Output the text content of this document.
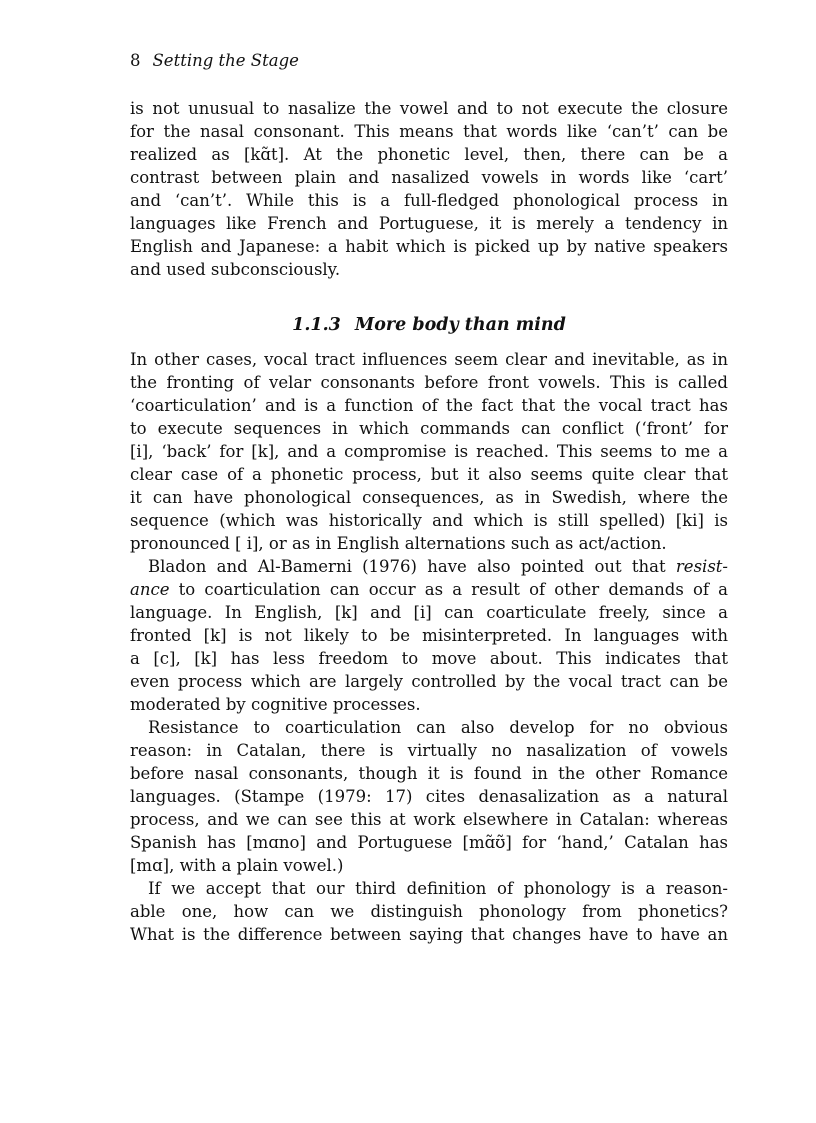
8 Setting the Stage
is not unusual to nasalize the vowel and to not execute the closure
for the nasal consonant. This means that words like ‘can’t’ can be
realized as [kɑ̃t]. At the phonetic level, then, there can be a
contrast between plain and nasalized vowels in words like ‘cart’
and ‘can’t’. While this is a full-fledged phonological process in
languages like French and Portuguese, it is merely a tendency in
English and Japanese: a habit which is picked up by native speakers
and used subconsciously.
1.1.3 More body than mind
In other cases, vocal tract influences seem clear and inevitable, as in
the fronting of velar consonants before front vowels. This is called
‘coarticulation’ and is a function of the fact that the vocal tract has
to execute sequences in which commands can conflict (‘front’ for
[i], ‘back’ for [k], and a compromise is reached. This seems to me a
clear case of a phonetic process, but it also seems quite clear that
it can have phonological consequences, as in Swedish, where the
sequence (which was historically and which is still spelled) [ki] is
pronounced [ i], or as in English alternations such as act/action.
Bladon and Al-Bamerni (1976) have also pointed out that resist-
ance to coarticulation can occur as a result of other demands of a
language. In English, [k] and [i] can coarticulate freely, since a
fronted [k] is not likely to be misinterpreted. In languages with
a [c], [k] has less freedom to move about. This indicates that
even process which are largely controlled by the vocal tract can be
moderated by cognitive processes.
Resistance to coarticulation can also develop for no obvious
reason: in Catalan, there is virtually no nasalization of vowels
before nasal consonants, though it is found in the other Romance
languages. (Stampe (1979: 17) cites denasalization as a natural
process, and we can see this at work elsewhere in Catalan: whereas
Spanish has [mɑno] and Portuguese [mɑ̃ʊ̃] for ‘hand,’ Catalan has
[mɑ], with a plain vowel.)
If we accept that our third definition of phonology is a reason-
able one, how can we distinguish phonology from phonetics?
What is the difference between saying that changes have to have an
